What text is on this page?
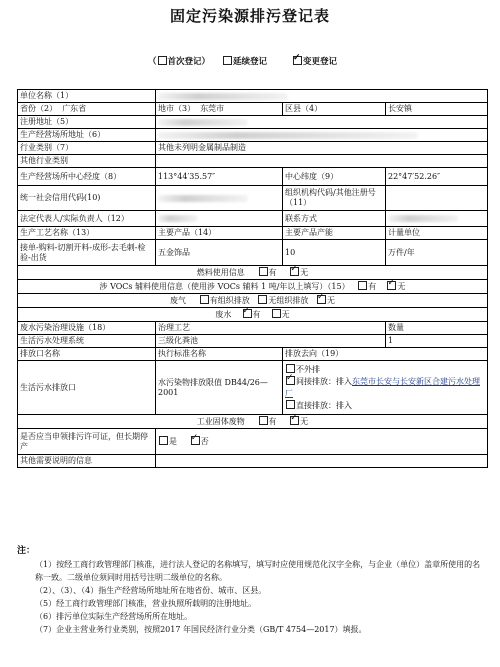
固定污染源排污登记表
（ 首次登记）	延续登记 ✓	变更登记
单位名称（1）			
省份（2） 广东省	地市（3） 东莞市	区县（4）	长安镇
注册地址（5）			
生产经营场所地址（6）			
行业类别（7）	其他未列明金属制品制造		
其他行业类别			
生产经营场所中心经度（8）	113°44′35.57″	中心纬度（9）	22°47′52.26″
统一社会信用代码(10)		组织机构代码/其他注册号（11）	
法定代表人/实际负责人（12）		联系方式	
生产工艺名称（13）	主要产品（14）	主要产品产能	计量单位
接单-购料-切割开料-成形-去毛刺-检验-出货	五金饰品	10	万件/年
燃料使用信息 有 ✓ 无
涉 VOCs 辅料使用信息（使用涉 VOCs 辅料 1 吨/年以上填写）（15） 有 ✓ 无
废气 有组织排放 无组织排放 ✓ 无
废水 ✓ 有 无
废水污染治理设施（18）	治理工艺		数量
生活污水处理系统	三级化粪池		1
排放口名称	执行标准名称	排放去向（19）	
生活污水排放口	水污染物排放限值 DB44/26—2001	不外排
✓间接排放：排入东莞市长安与长安新区合建污水处理厂
直接排放：排入

工业固体废物 有 ✓ 无
是否应当申领排污许可证，但长期停产	是 ✓ 否
其他需要说明的信息			
注：

（1）按经工商行政管理部门核准，进行法人登记的名称填写，填写时应使用规范化汉字全称，与企业（单位）盖章所使用的名称一致。二级单位须同时用括号注明二级单位的名称。

（2）、（3）、（4）指生产经营场所地址所在地省份、城市、区县。

（5）经工商行政管理部门核准，营业执照所载明的注册地址。

（6）排污单位实际生产经营场所所在地址。

（7）企业主营业务行业类别，按照2017 年国民经济行业分类（GB/T 4754—2017）填报。
